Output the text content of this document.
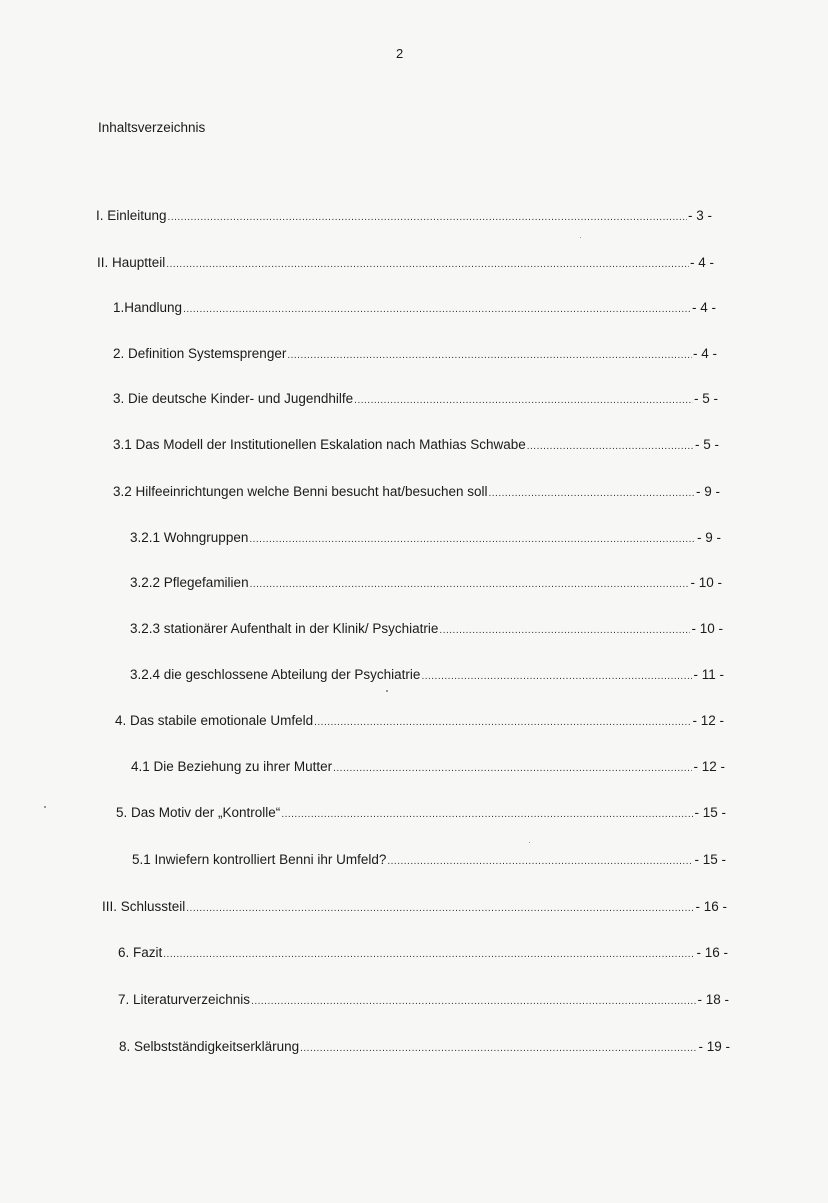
2
Inhaltsverzeichnis
I. Einleitung .....	- 3 -
II. Hauptteil .....	- 4 -
1.Handlung .....	- 4 -
2. Definition Systemsprenger .....	- 4 -
3. Die deutsche Kinder- und Jugendhilfe .....	- 5 -
3.1 Das Modell der Institutionellen Eskalation nach Mathias Schwabe .....	- 5 -
3.2 Hilfeeinrichtungen welche Benni besucht hat/besuchen soll .....	- 9 -
3.2.1 Wohngruppen .....	- 9 -
3.2.2 Pflegefamilien .....	- 10 -
3.2.3 stationärer Aufenthalt in der Klinik/ Psychiatrie .....	- 10 -
3.2.4 die geschlossene Abteilung der Psychiatrie .....	- 11 -
4. Das stabile emotionale Umfeld .....	- 12 -
4.1 Die Beziehung zu ihrer Mutter .....	- 12 -
5. Das Motiv der „Kontrolle“ .....	- 15 -
5.1 Inwiefern kontrolliert Benni ihr Umfeld? .....	- 15 -
III. Schlussteil .....	- 16 -
6. Fazit .....	- 16 -
7. Literaturverzeichnis .....	- 18 -
8. Selbstständigkeitserklärung .....	- 19 -
